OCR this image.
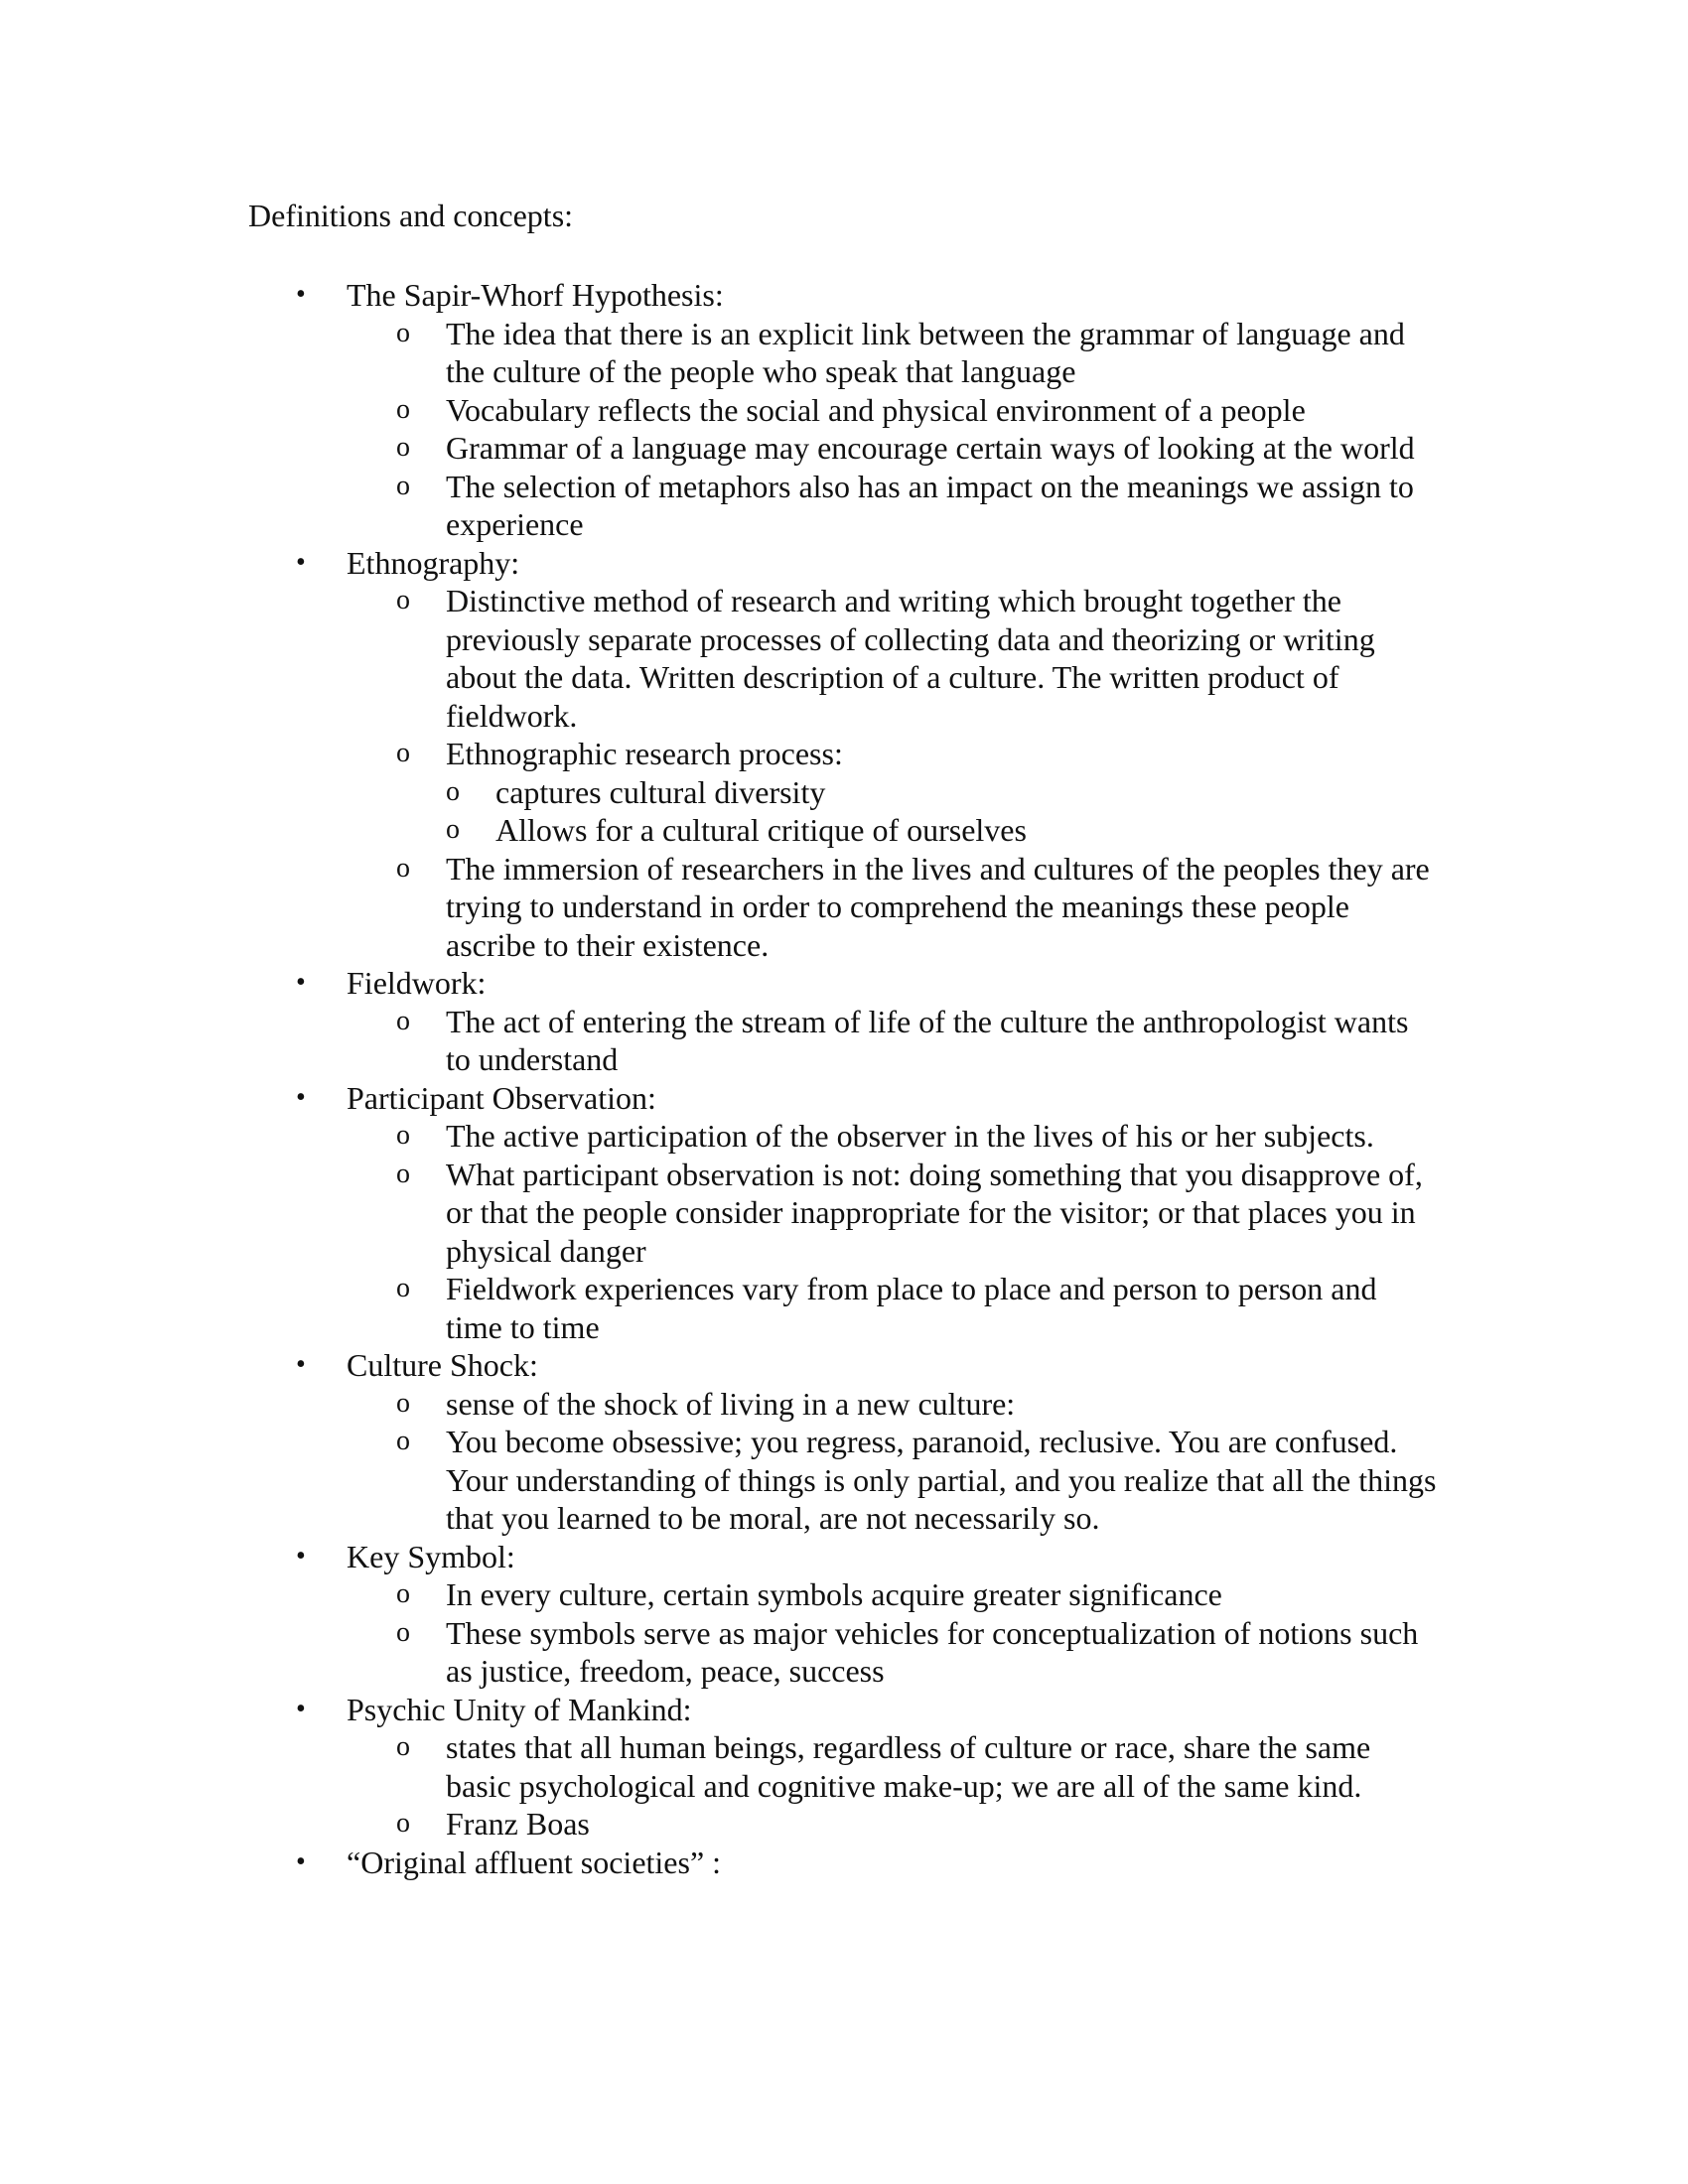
Definitions and concepts:
• The Sapir-Whorf Hypothesis:
o The idea that there is an explicit link between the grammar of language and the culture of the people who speak that language
o Vocabulary reflects the social and physical environment of a people
o Grammar of a language may encourage certain ways of looking at the world
o The selection of metaphors also has an impact on the meanings we assign to experience
• Ethnography:
o Distinctive method of research and writing which brought together the previously separate processes of collecting data and theorizing or writing about the data. Written description of a culture. The written product of fieldwork.
o Ethnographic research process:
o captures cultural diversity
o Allows for a cultural critique of ourselves
o The immersion of researchers in the lives and cultures of the peoples they are trying to understand in order to comprehend the meanings these people ascribe to their existence.
• Fieldwork:
o The act of entering the stream of life of the culture the anthropologist wants to understand
• Participant Observation:
o The active participation of the observer in the lives of his or her subjects.
o What participant observation is not: doing something that you disapprove of, or that the people consider inappropriate for the visitor; or that places you in physical danger
o Fieldwork experiences vary from place to place and person to person and time to time
• Culture Shock:
o sense of the shock of living in a new culture:
o You become obsessive; you regress, paranoid, reclusive. You are confused. Your understanding of things is only partial, and you realize that all the things that you learned to be moral, are not necessarily so.
• Key Symbol:
o In every culture, certain symbols acquire greater significance
o These symbols serve as major vehicles for conceptualization of notions such as justice, freedom, peace, success
• Psychic Unity of Mankind:
o states that all human beings, regardless of culture or race, share the same basic psychological and cognitive make-up; we are all of the same kind.
o Franz Boas
• “Original affluent societies” :
